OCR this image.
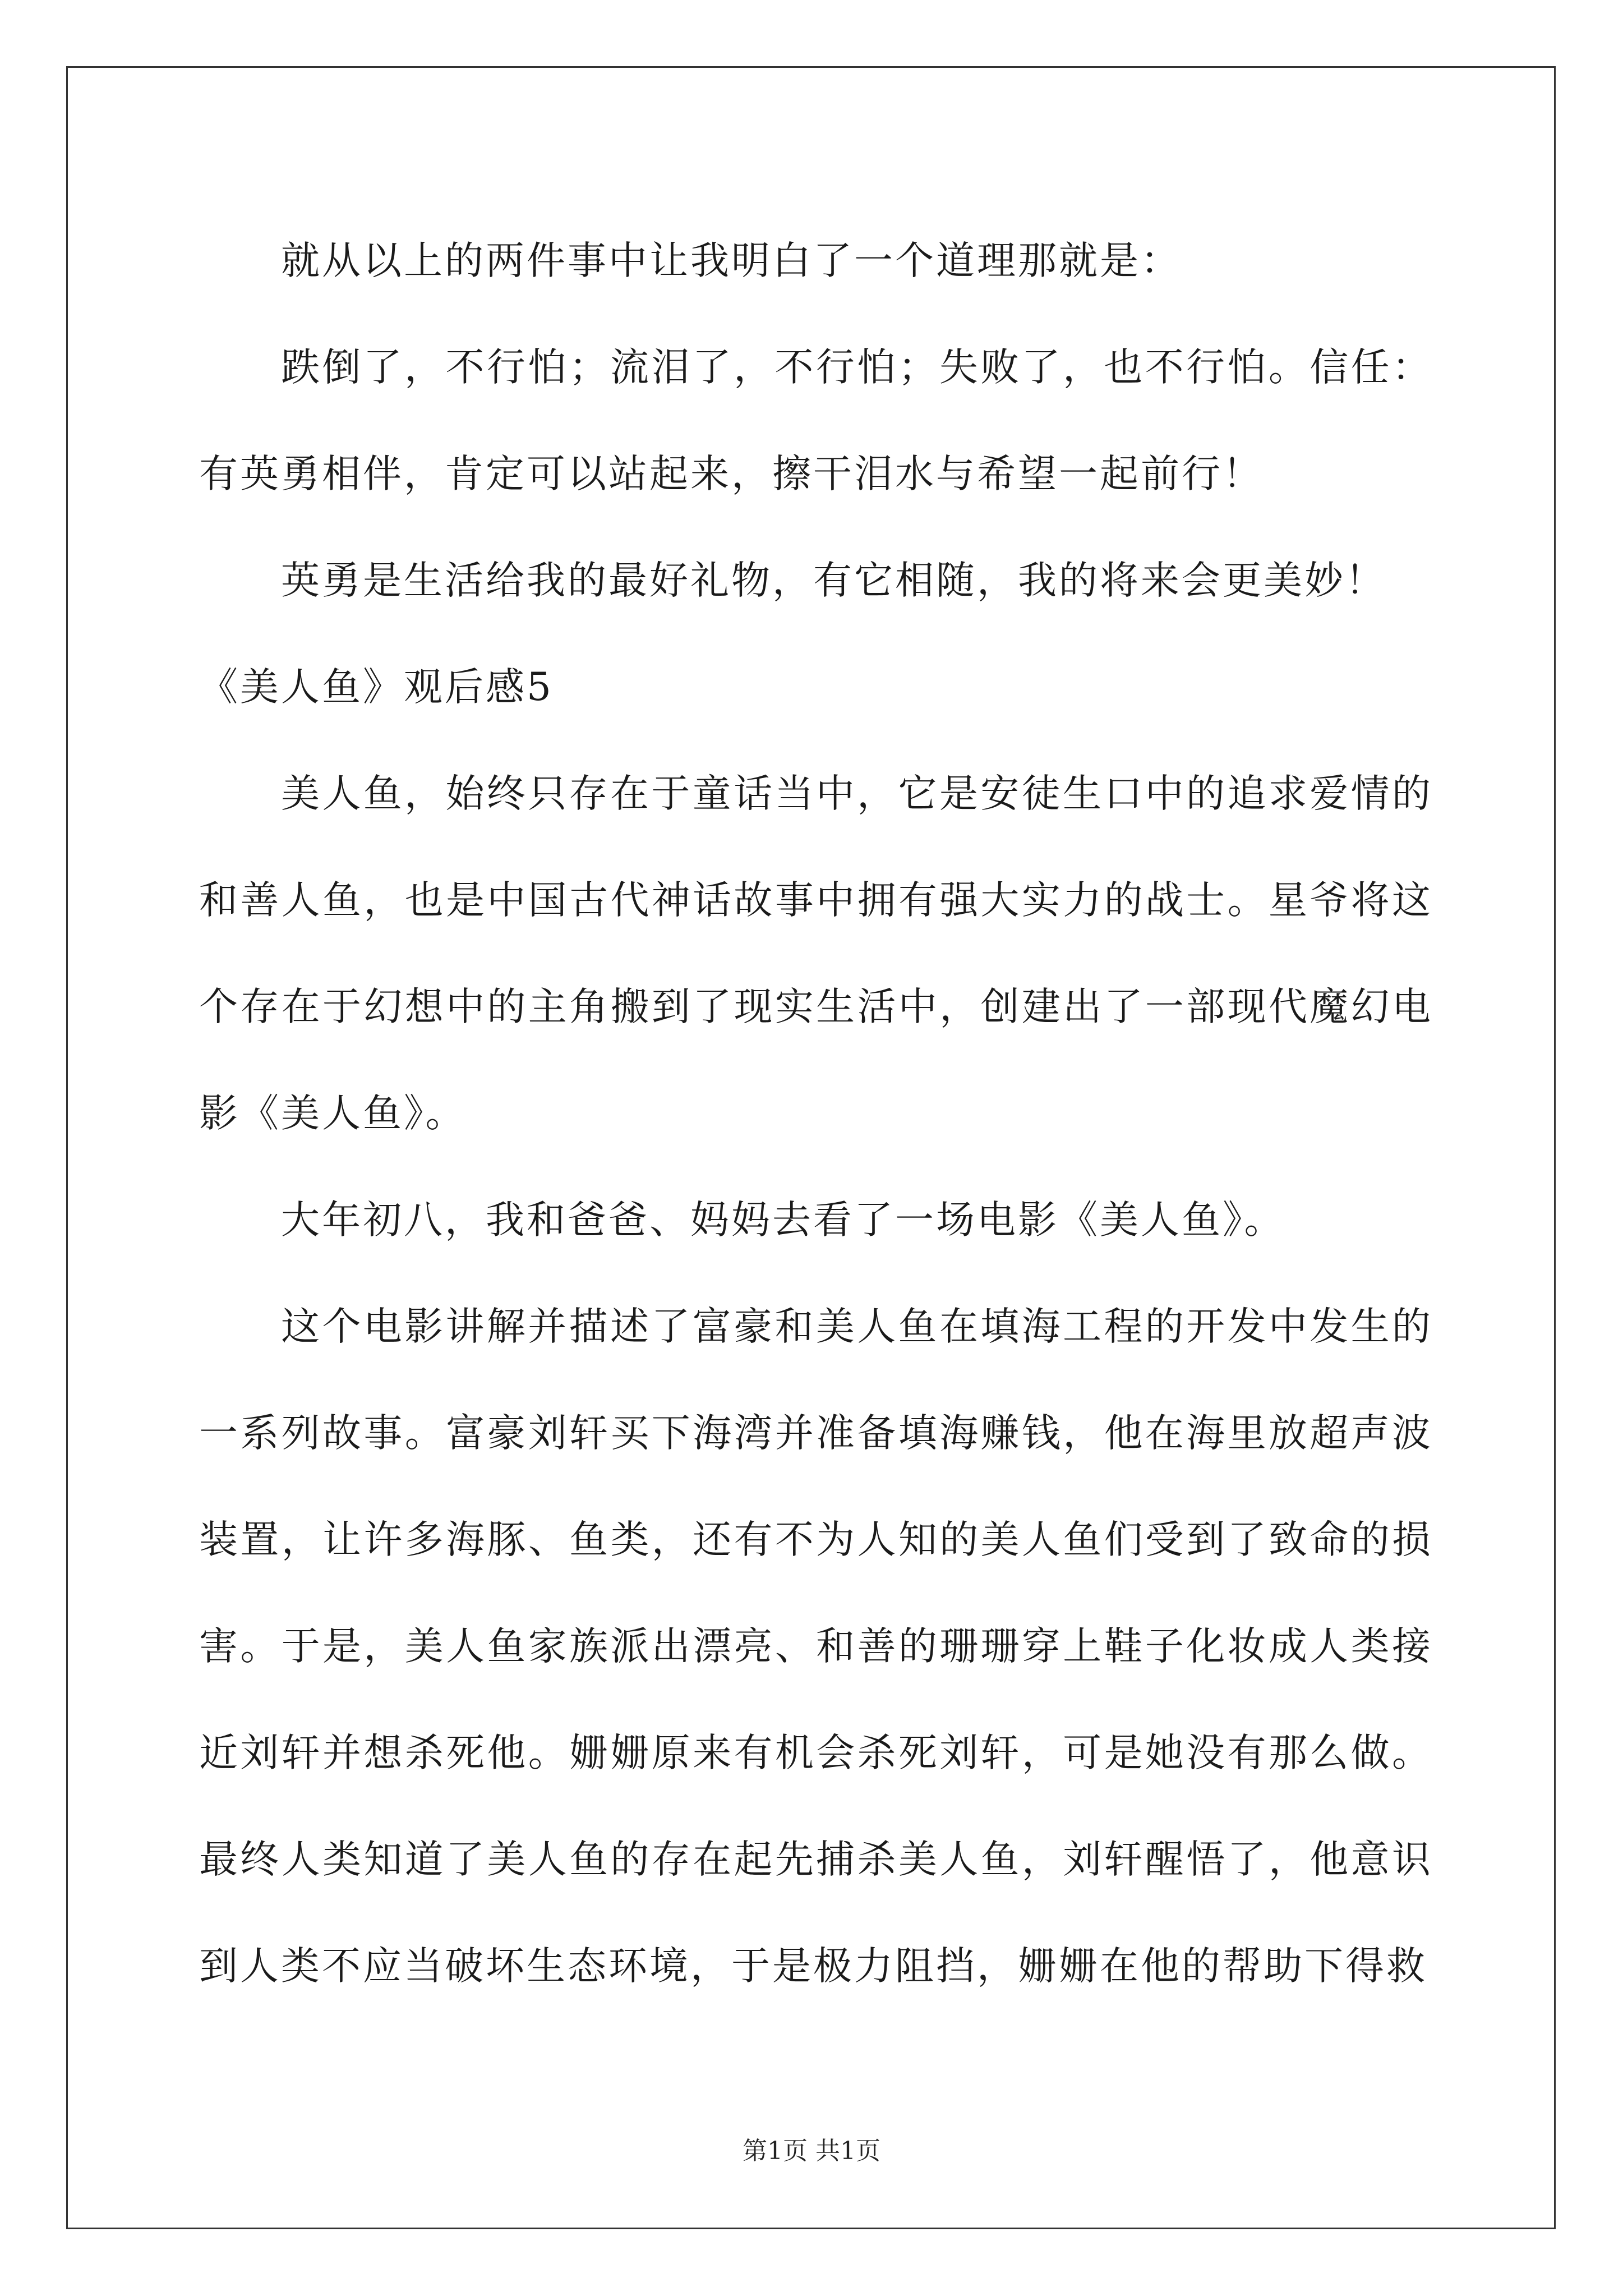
就从以上的两件事中让我明白了一个道理那就是：

跌倒了，不行怕；流泪了，不行怕；失败了，也不行怕。信任：有英勇相伴，肯定可以站起来，擦干泪水与希望一起前行！

英勇是生活给我的最好礼物，有它相随，我的将来会更美妙！

《美人鱼》观后感5

美人鱼，始终只存在于童话当中，它是安徒生口中的追求爱情的和善人鱼，也是中国古代神话故事中拥有强大实力的战士。星爷将这个存在于幻想中的主角搬到了现实生活中，创建出了一部现代魔幻电影《美人鱼》。

大年初八，我和爸爸、妈妈去看了一场电影《美人鱼》。

这个电影讲解并描述了富豪和美人鱼在填海工程的开发中发生的一系列故事。富豪刘轩买下海湾并准备填海赚钱，他在海里放超声波装置，让许多海豚、鱼类，还有不为人知的美人鱼们受到了致命的损害。于是，美人鱼家族派出漂亮、和善的珊珊穿上鞋子化妆成人类接近刘轩并想杀死他。姗姗原来有机会杀死刘轩，可是她没有那么做。最终人类知道了美人鱼的存在起先捕杀美人鱼，刘轩醒悟了，他意识到人类不应当破坏生态环境，于是极力阻挡，姗姗在他的帮助下得救

第1页 共1页
